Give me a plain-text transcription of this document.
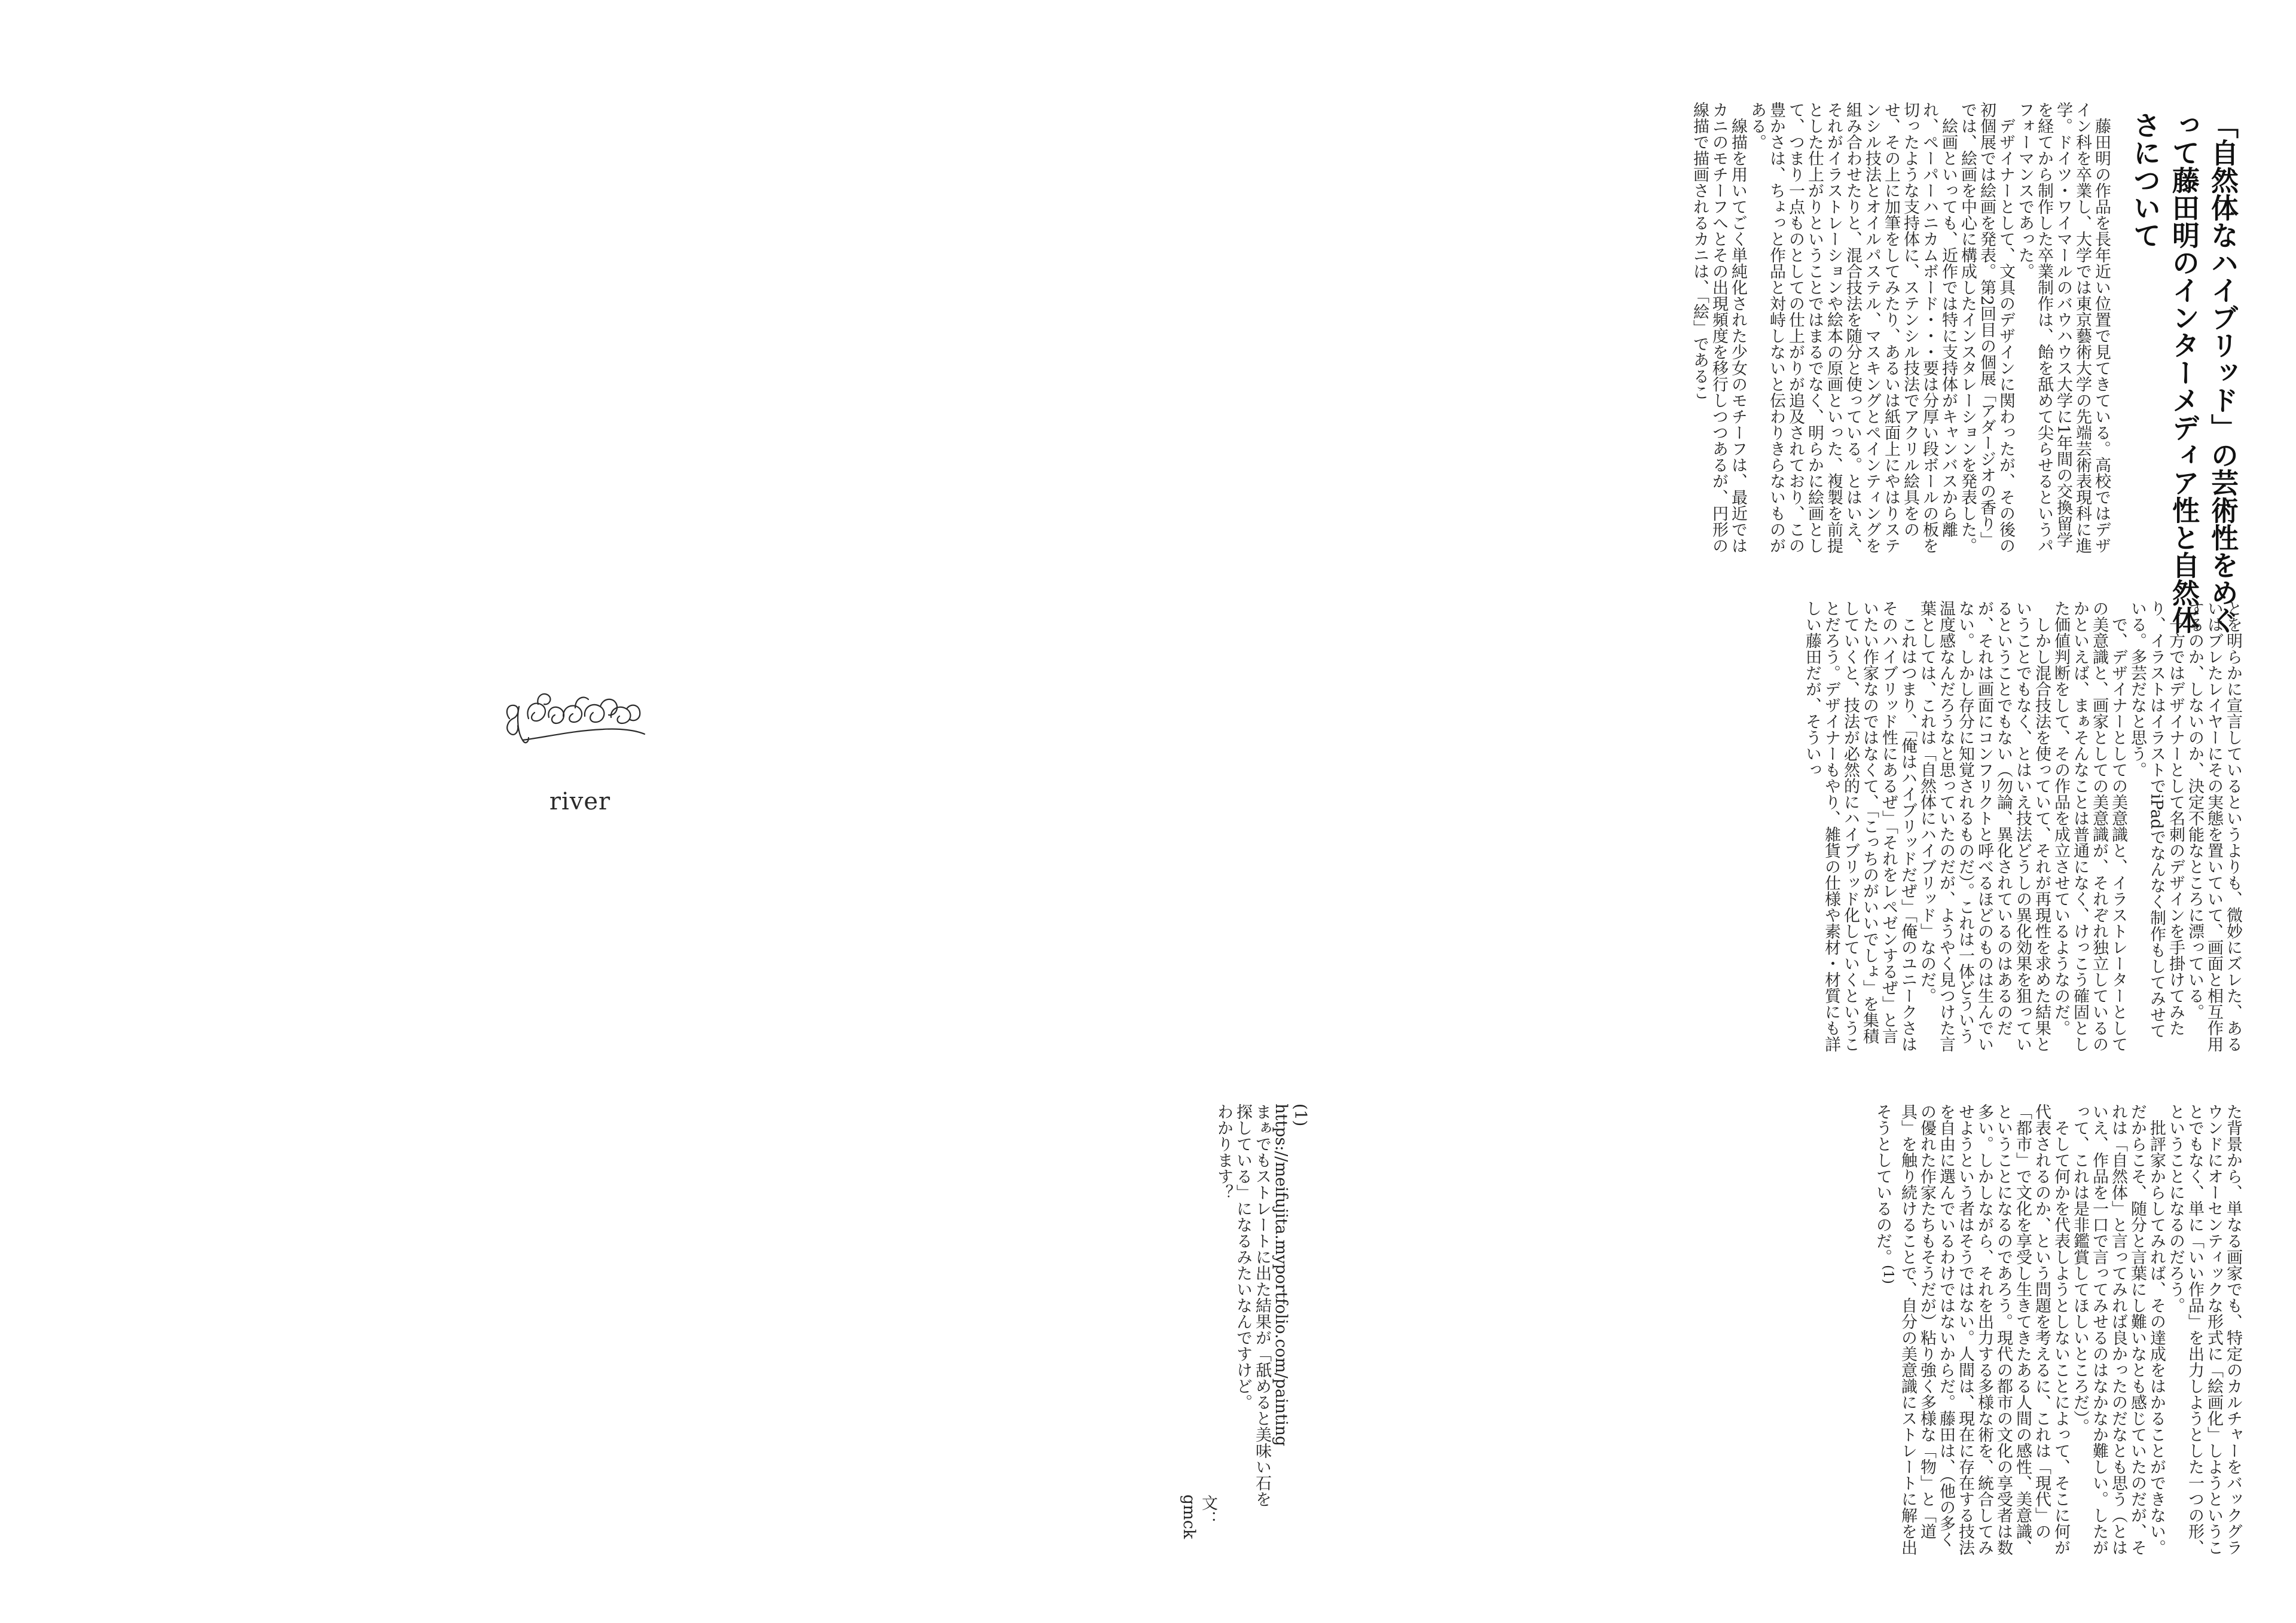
river
「自然体なハイブリッド」の芸術性をめぐって藤田明のインターメディア性と自然体さについて

とを明らかに宣言しているというよりも、微妙にズレた、あるいはブレたレイヤーにその実態を置いていて、画面と相互作用するのか、しないのか、決定不能なところに漂っている。

一方ではデザイナーとして名刺のデザインを手掛けてみたり、イラストはイラストでiPadでなんなく制作もしてみせている。多芸だなと思う。

で、デザイナーとしての美意識と、イラストレーターとしての美意識と、画家としての美意識が、それぞれ独立しているのかといえば、まぁそんなことは普通になく、けっこう確固とした価値判断をして、その作品を成立させているようなのだ。

しかし混合技法を使っていて、それが再現性を求めた結果ということでもなく、とはいえ技法どうしの異化効果を狙っているということでもない（勿論、異化されているのはあるのだが、それは画面にコンフリクトと呼べるほどのものは生んでいない。しかし存分に知覚されるものだ）。これは一体どういう温度感なんだろうなと思っていたのだが、ようやく見つけた言葉としては、これは「自然体にハイブリッド」なのだ。

これはつまり、「俺はハイブリッドだぜ」「俺のユニークさはそのハイブリッド性にあるぜ」「それをレペゼンするぜ」と言いたい作家なのではなくて、「こっちのがいいでしょ」を集積していくと、技法が必然的にハイブリッド化していくということだろう。デザイナーもやり、雑貨の仕様や素材・材質にも詳しい藤田だが、そういっ

藤田明の作品を長年近い位置で見てきている。高校ではデザイン科を卒業し、大学では東京藝術大学の先端芸術表現科に進学。ドイツ・ワイマールのバウハウス大学に1年間の交換留学を経てから制作した卒業制作は、飴を舐めて尖らせるというパフォーマンスであった。

デザイナーとして、文具のデザインに関わったが、その後の初個展では絵画を発表。第2回目の個展「アダージオの香り」では、絵画を中心に構成したインスタレーションを発表した。

絵画といっても、近作では特に支持体がキャンバスから離れ、ペーパーハニカムボード・・・要は分厚い段ボールの板を切ったような支持体に、ステンシル技法でアクリル絵具をのせ、その上に加筆をしてみたり、あるいは紙面上にやはりステンシル技法とオイルパステル、マスキングとペインティングを組み合わせたりと、混合技法を随分と使っている。とはいえ、それがイラストレーションや絵本の原画といった、複製を前提とした仕上がりということではまるでなく、明らかに絵画として、つまり一点ものとしての仕上がりが追及されており、この豊かさは、ちょっと作品と対峙しないと伝わりきらないものがある。

線描を用いてごく単純化された少女のモチーフは、最近ではカニのモチーフへとその出現頻度を移行しつつあるが、円形の線描で描画されるカニは、「絵」であるこ

た背景から、単なる画家でも、特定のカルチャーをバックグラウンドにオーセンティックな形式に「絵画化」しようということでもなく、単に「いい作品」を出力しようとした一つの形、ということになるのだろう。

批評家からしてみれば、その達成をはかることができない。だからこそ、随分と言葉にし難いなとも感じていたのだが、それは「自然体」と言ってみれば良かったのだなとも思う（とはいえ、作品を一口で言ってみせるのはなかなか難しい。したがって、これは是非鑑賞してほしいところだ）。

そして何かを代表しようとしないことによって、そこに何が代表されるのか、という問題を考えるに、これは「現代」の「都市」で文化を享受し生きてきたある人間の感性、美意識、ということになるのであろう。現代の都市の文化の享受者は数多い。しかしながら、それを出力する多様な術を、統合してみせようという者はそうではない。人間は、現在に存在する技法を自由に選んでいるわけではないからだ。藤田は、（他の多くの優れた作家たちもそうだが）粘り強く多様な「物」と「道具」を触り続けることで、自分の美意識にストレートに解を出そうとしているのだ。$^{(1)}$

(1)

https://meifujita.myportfolio.com/painting

まぁでもストレートに出た結果が「舐めると美味い石を探している」になるみたいなんですけど。

わかります？

文：gmck
